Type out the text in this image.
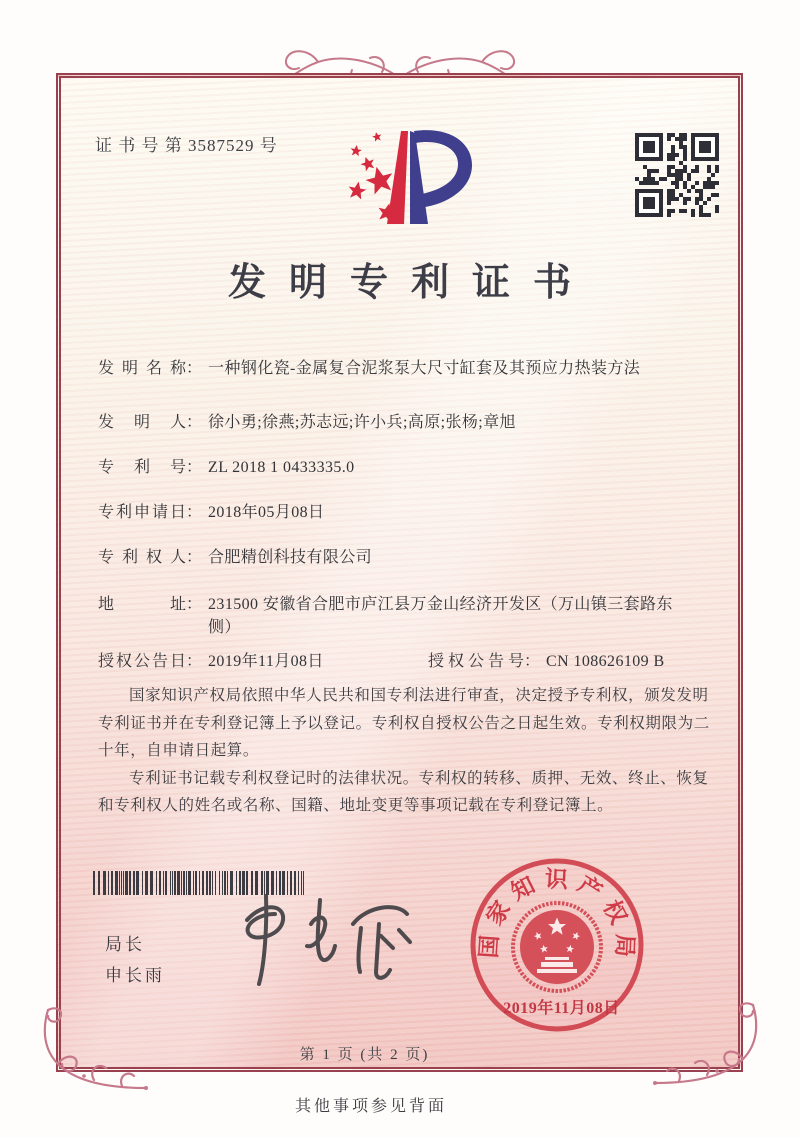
证 书 号 第 3587529 号
发明专利证书
发明名称 ： 一种钢化瓷-金属复合泥浆泵大尺寸缸套及其预应力热装方法
发明人 ： 徐小勇;徐燕;苏志远;许小兵;高原;张杨;章旭
专利号 ： ZL 2018 1 0433335.0
专利申请日 ： 2018年05月08日
专利权人 ： 合肥精创科技有限公司
地址 ： 231500 安徽省合肥市庐江县万金山经济开发区（万山镇三套路东侧）
授权公告日 ： 2019年11月08日	授权公告号 ： CN 108626109 B

国家知识产权局依照中华人民共和国专利法进行审查，决定授予专利权，颁发发明专利证书并在专利登记簿上予以登记。专利权自授权公告之日起生效。专利权期限为二十年，自申请日起算。

专利证书记载专利权登记时的法律状况。专利权的转移、质押、无效、终止、恢复和专利权人的姓名或名称、国籍、地址变更等事项记载在专利登记簿上。

局长
申长雨
国家知识产权局
2019年11月08日
第 1 页 (共 2 页)
其他事项参见背面
